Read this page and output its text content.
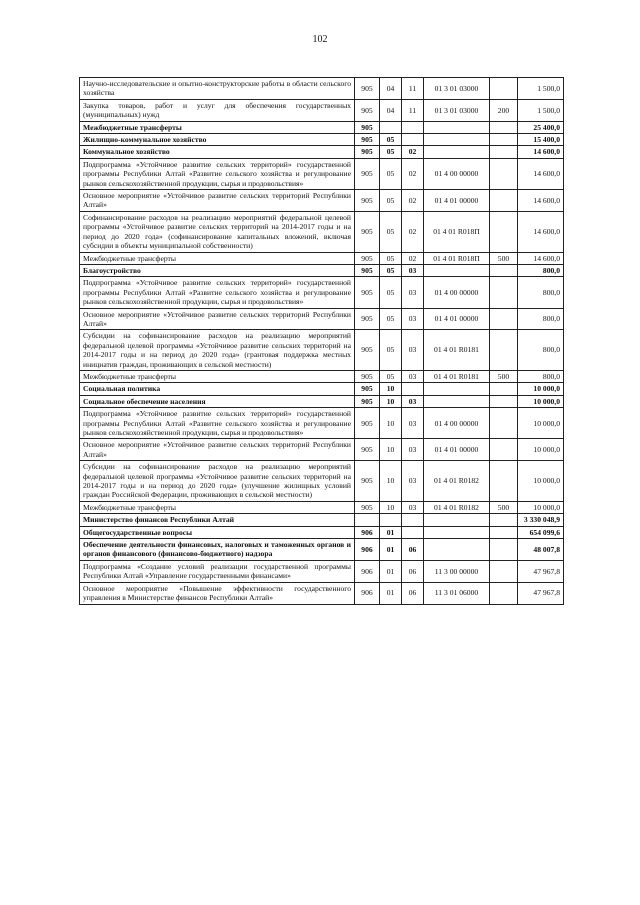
102
Научно-исследовательские и опытно-конструкторские работы в области сельского хозяйства	905	04	11	01 3 01 03000		1 500,0
Закупка товаров, работ и услуг для обеспечения государственных (муниципальных) нужд	905	04	11	01 3 01 03000	200	1 500,0
Межбюджетные трансферты	905					25 400,0
Жилищно-коммунальное хозяйство	905	05				15 400,0
Коммунальное хозяйство	905	05	02			14 600,0
Подпрограмма «Устойчивое развитие сельских территорий» государственной программы Республики Алтай «Развитие сельского хозяйства и регулирование рынков сельскохозяйственной продукции, сырья и продовольствия»	905	05	02	01 4 00 00000		14 600,0
Основное мероприятие «Устойчивое развитие сельских территорий Республики Алтай»	905	05	02	01 4 01 00000		14 600,0
Софинансирование расходов на реализацию мероприятий федеральной целевой программы «Устойчивое развитие сельских территорий на 2014-2017 годы и на период до 2020 года» (софинансирование капитальных вложений, включая субсидии в объекты муниципальной собственности)	905	05	02	01 4 01 R018П		14 600,0
Межбюджетные трансферты	905	05	02	01 4 01 R018П	500	14 600,0
Благоустройство	905	05	03			800,0
Подпрограмма «Устойчивое развитие сельских территорий» государственной программы Республики Алтай «Развитие сельского хозяйства и регулирование рынков сельскохозяйственной продукции, сырья и продовольствия»	905	05	03	01 4 00 00000		800,0
Основное мероприятие «Устойчивое развитие сельских территорий Республики Алтай»	905	05	03	01 4 01 00000		800,0
Субсидии на софинансирование расходов на реализацию мероприятий федеральной целевой программы «Устойчивое развитие сельских территорий на 2014-2017 годы и на период до 2020 года» (грантовая поддержка местных инициатив граждан, проживающих в сельской местности)	905	05	03	01 4 01 R0181		800,0
Межбюджетные трансферты	905	05	03	01 4 01 R0181	500	800,0
Социальная политика	905	10				10 000,0
Социальное обеспечение населения	905	10	03			10 000,0
Подпрограмма «Устойчивое развитие сельских территорий» государственной программы Республики Алтай «Развитие сельского хозяйства и регулирование рынков сельскохозяйственной продукции, сырья и продовольствия»	905	10	03	01 4 00 00000		10 000,0
Основное мероприятие «Устойчивое развитие сельских территорий Республики Алтай»	905	10	03	01 4 01 00000		10 000,0
Субсидии на софинансирование расходов на реализацию мероприятий федеральной целевой программы «Устойчивое развитие сельских территорий на 2014-2017 годы и на период до 2020 года» (улучшение жилищных условий граждан Российской Федерации, проживающих в сельской местности)	905	10	03	01 4 01 R0182		10 000,0
Межбюджетные трансферты	905	10	03	01 4 01 R0182	500	10 000,0
Министерство финансов Республики Алтай						3 330 048,9
Общегосударственные вопросы	906	01				654 099,6
Обеспечение деятельности финансовых, налоговых и таможенных органов и органов финансового (финансово-бюджетного) надзора	906	01	06			48 007,8
Подпрограмма «Создание условий реализации государственной программы Республики Алтай «Управление государственными финансами»	906	01	06	11 3 00 00000		47 967,8
Основное мероприятие «Повышение эффективности государственного управления в Министерстве финансов Республики Алтай»	906	01	06	11 3 01 06000		47 967,8
